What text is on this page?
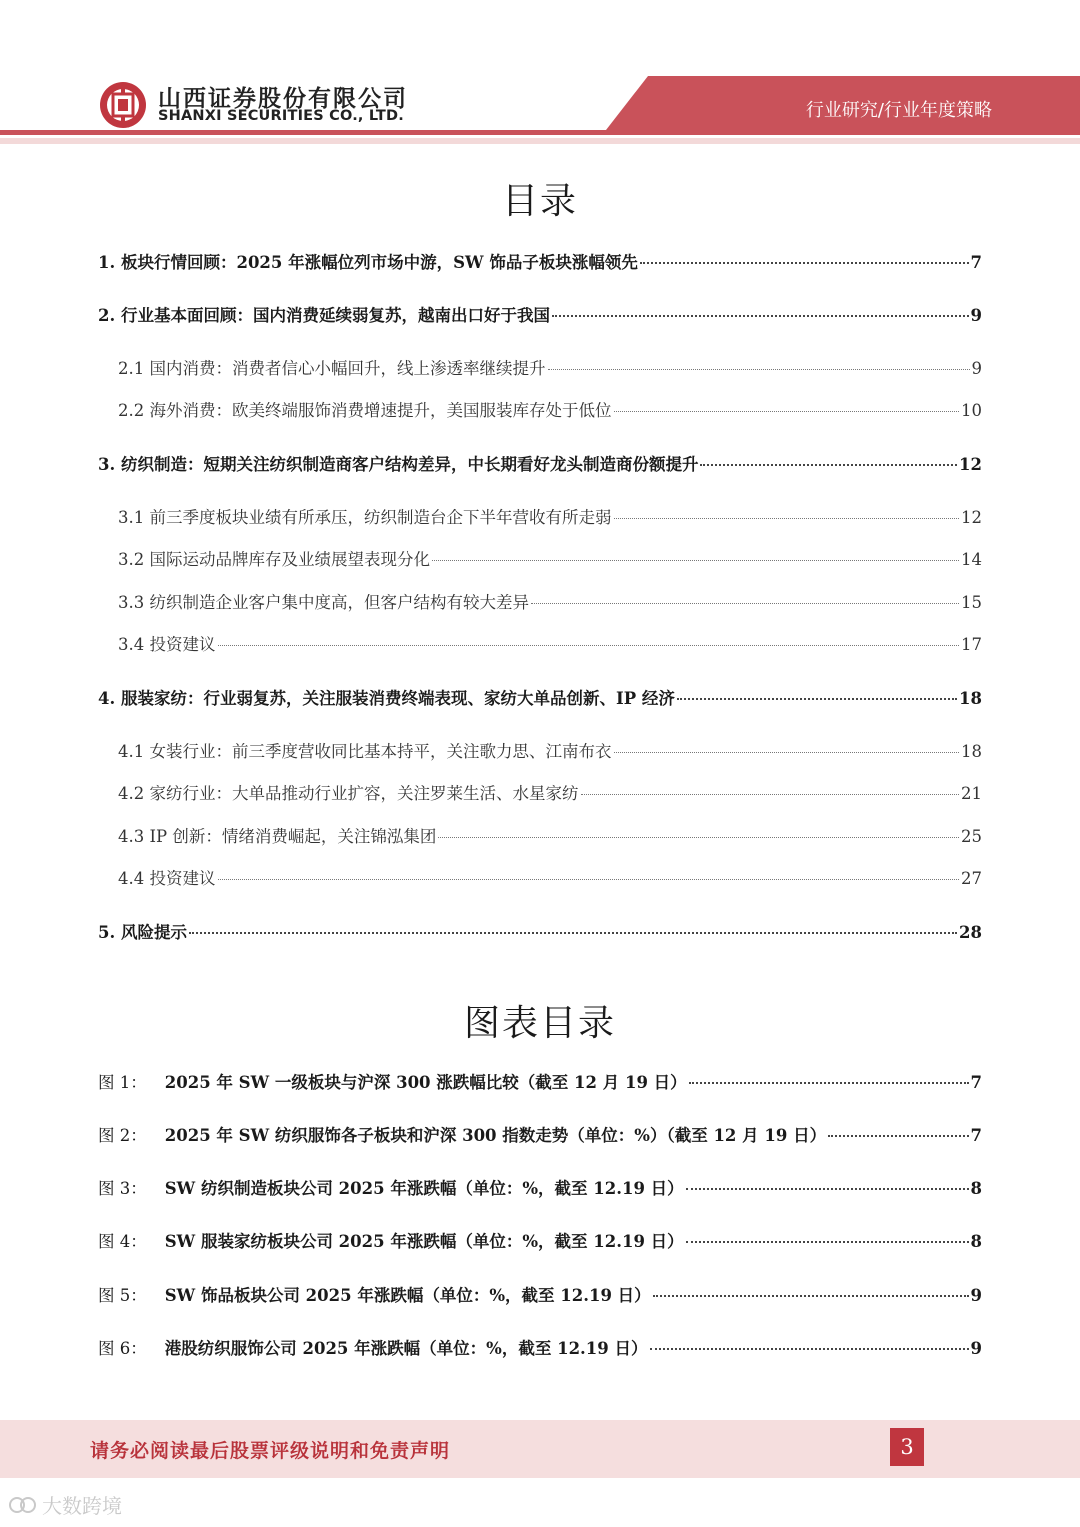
山西证券股份有限公司
SHANXI SECURITIES CO., LTD.	行业研究/行业年度策略
目录
1. 板块行情回顾：2025 年涨幅位列市场中游，SW 饰品子板块涨幅领先	7
2. 行业基本面回顾：国内消费延续弱复苏，越南出口好于我国	9
2.1 国内消费：消费者信心小幅回升，线上渗透率继续提升	9
2.2 海外消费：欧美终端服饰消费增速提升，美国服装库存处于低位	10
3. 纺织制造：短期关注纺织制造商客户结构差异，中长期看好龙头制造商份额提升	12
3.1 前三季度板块业绩有所承压，纺织制造台企下半年营收有所走弱	12
3.2 国际运动品牌库存及业绩展望表现分化	14
3.3 纺织制造企业客户集中度高，但客户结构有较大差异	15
3.4 投资建议	17
4. 服装家纺：行业弱复苏，关注服装消费终端表现、家纺大单品创新、IP 经济	18
4.1 女装行业：前三季度营收同比基本持平，关注歌力思、江南布衣	18
4.2 家纺行业：大单品推动行业扩容，关注罗莱生活、水星家纺	21
4.3 IP 创新：情绪消费崛起，关注锦泓集团	25
4.4 投资建议	27
5. 风险提示	28
图表目录
图 1： 2025 年 SW 一级板块与沪深 300 涨跌幅比较（截至 12 月 19 日）	7
图 2： 2025 年 SW 纺织服饰各子板块和沪深 300 指数走势（单位：%）（截至 12 月 19 日）	7
图 3： SW 纺织制造板块公司 2025 年涨跌幅（单位：%，截至 12.19 日）	8
图 4： SW 服装家纺板块公司 2025 年涨跌幅（单位：%，截至 12.19 日）	8
图 5： SW 饰品板块公司 2025 年涨跌幅（单位：%，截至 12.19 日）	9
图 6： 港股纺织服饰公司 2025 年涨跌幅（单位：%，截至 12.19 日）	9
请务必阅读最后股票评级说明和免责声明	3
大数跨境
